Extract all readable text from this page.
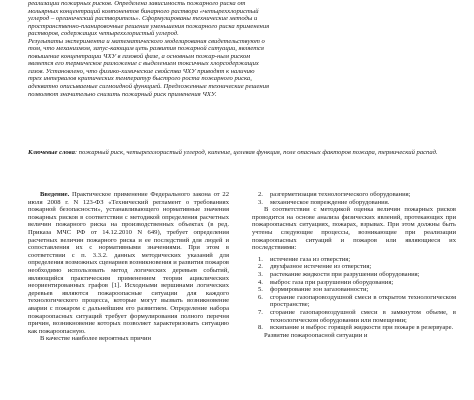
реализации пожарных рисков. Определена зависимость пожарного риска от

мольярных концентраций компонентов бинарного раствора «четыреххлористый

углерод – органический растворитель». Сформулированы технические методы и

пространственно-планировочные решения уменьшения пожарного риска применения

растворов, содержащих четыреххлористый углерод.

Результаты эксперимента и математического моделирования свидетельствуют о

том, что механизмом, запус-кающим цепь развития пожарной ситуации, является

повышение концентрации ЧХУ в газовой фазе, а основным пожар-ным риском

является его термическое разложение с выделением токсичных хлорсодержащих

газов. Установлено, что физико-химические свойства ЧХУ приводят к наличию

трех интервалов критических температур быстрого роста пожарного риска,

адекватно описываемые сигмоидной функцией. Предложенные технические решения

позволяют значительно снизить пожарный риск применения ЧХУ.

Ключевые слова: пожарный риск, четыреххлористый углерод, кипение, целевая функция, поле опасных факторов пожара, термический распад.

Введение. Практическое применение Федерального закона от 22 июля 2008 г. N 123-ФЗ «Технический регламент о требованиях пожарной безопасности», устанавливающего нормативные значения пожарных рисков в соответствии с методикой определения расчетных величин пожарного риска на производственных объектах (в ред. Приказа МЧС РФ от 14.12.2010 N 649), требует определения расчетных величин пожарного риска и ее последствий для людей и сопоставления их с нормативными значениями. При этом в соответствии с п. 3.3.2. данных методических указаний для определения возможных сценариев возникновения и развития пожаров необходимо использовать метод логических деревьев событий, являющийся практическим применением теории ациклических неориентированных графов [1]. Исходными вершинами логических деревьев являются пожароопасные ситуации для каждого технологического процесса, которые могут вызвать возникновение аварии с пожаром с дальнейшим его развитием. Определение набора пожароопасных ситуаций требует формулирования полного перечня причин, возникновение которых позволяет характеризовать ситуацию как пожароопасную.

В качестве наиболее вероятных причин

2.	разгерметизация технологического оборудования;
3.	механическое повреждение оборудования.

В соответствии с методикой оценка величин пожарных рисков проводится на основе анализа физических явлений, протекающих при пожароопасных ситуациях, пожарах, взрывах. При этом должны быть учтены следующие процессы, возникающие при реализации пожароопасных ситуаций и пожаров или являющиеся их последствиями:

1.	истечение газа из отверстия;
2.	двухфазное истечение из отверстия;
3.	растекание жидкости при разрушении оборудования;
4.	выброс газа при разрушении оборудования;
5.	формирование зон загазованности;
6.	сгорание газопаровоздушной смеси в открытом технологическом пространстве;
7.	сгорание газопаровоздушной смеси в замкнутом объеме, в технологическом оборудовании или помещении;
8.	вскипание и выброс горящей жидкости при пожаре в резервуаре.

Развитие пожароопасной ситуации и
